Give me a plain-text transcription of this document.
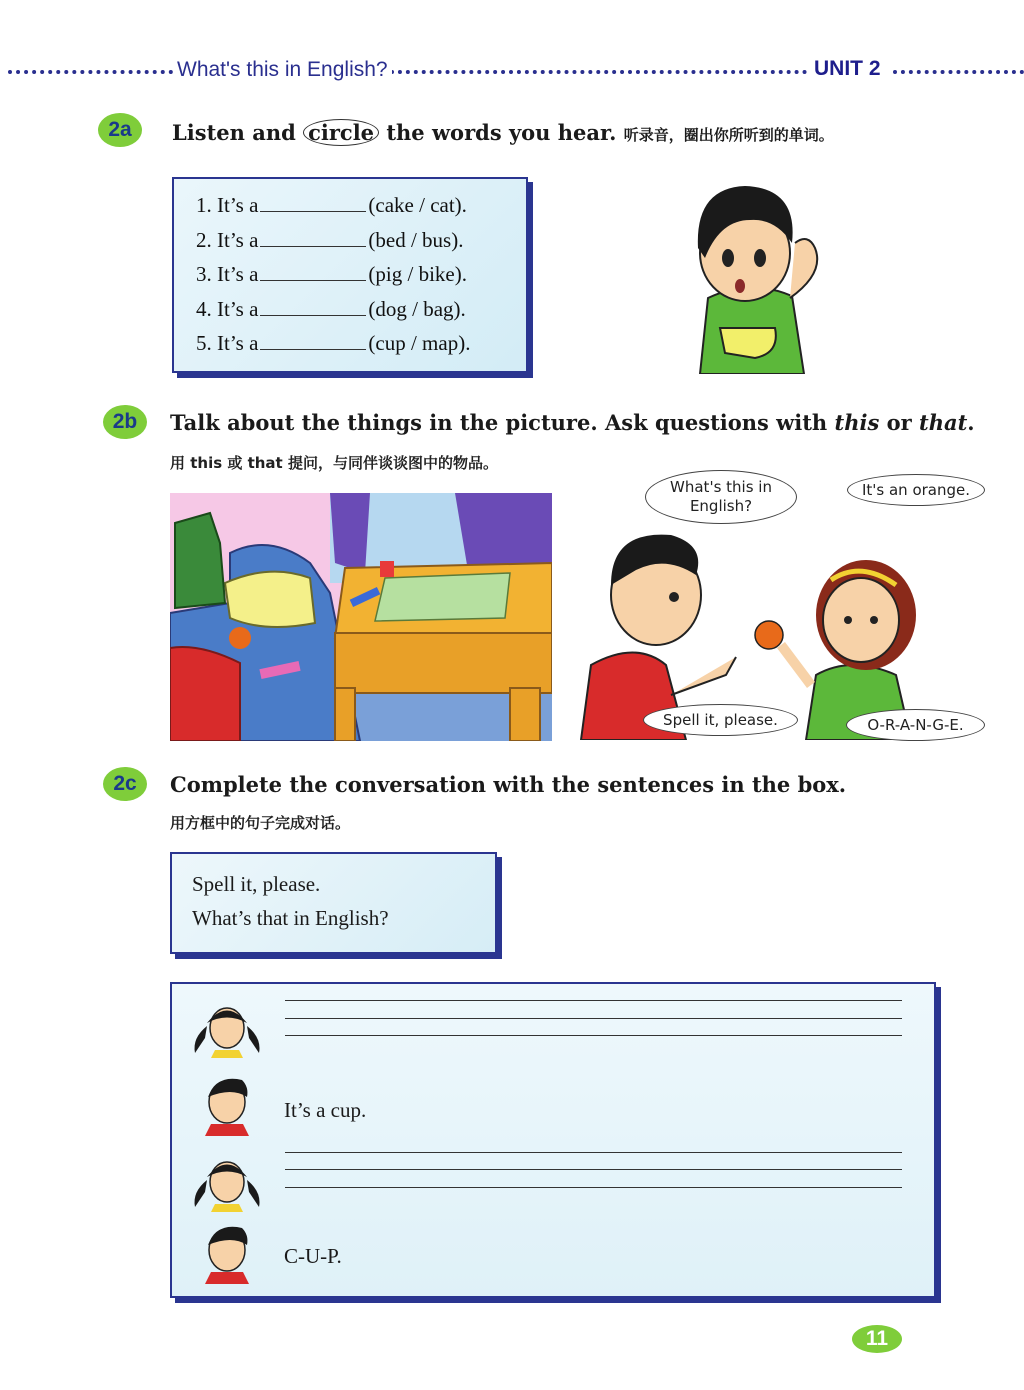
What's this in English?	UNIT 2
2a	Listen and circle the words you hear. 听录音，圈出你所听到的单词。
1. It’s a	(cake / cat).
2. It’s a	(bed / bus).
3. It’s a	(pig / bike).
4. It’s a	(dog / bag).
5. It’s a	(cup / map).
2b	Talk about the things in the picture. Ask questions with this or that.
用 this 或 that 提问，与同伴谈谈图中的物品。
What's this in English?
It's an orange.
Spell it, please.	O-R-A-N-G-E.
2c	Complete the conversation with the sentences in the box.
用方框中的句子完成对话。
Spell it, please.
What’s that in English?
It’s a cup.
C-U-P.
11
